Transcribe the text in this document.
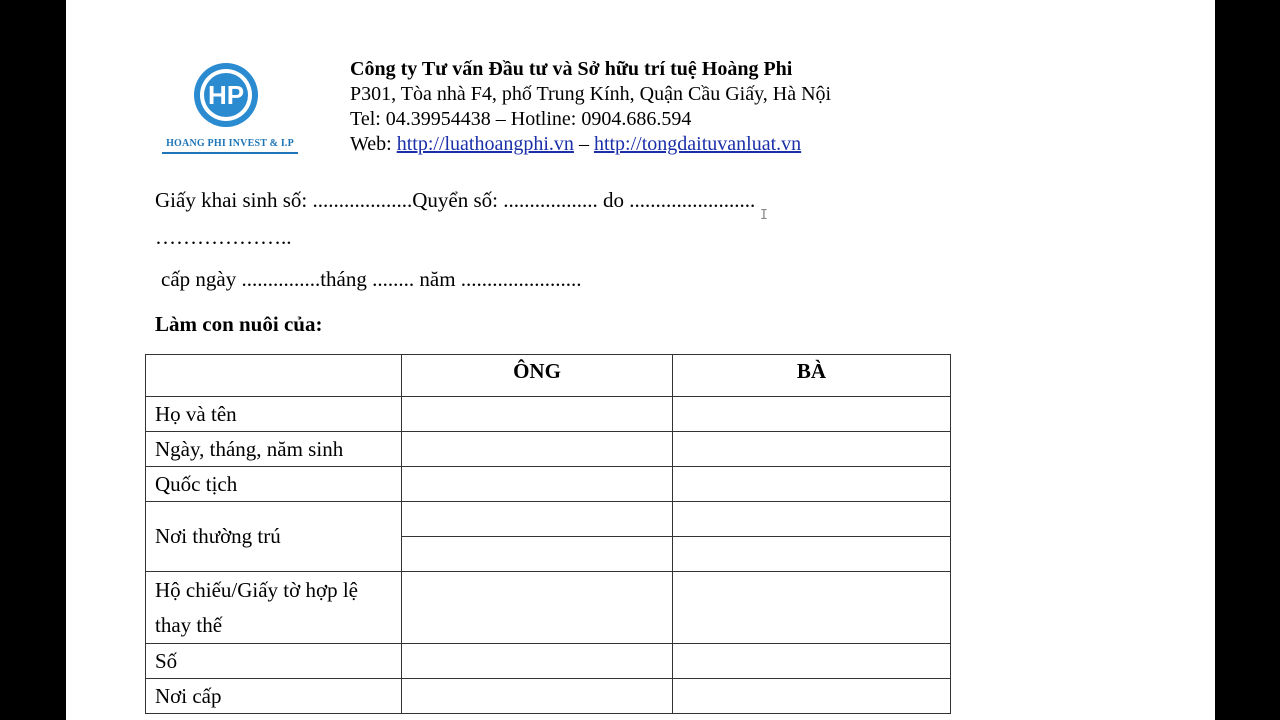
HP
HOANG PHI INVEST & I.P
Công ty Tư vấn Đầu tư và Sở hữu trí tuệ Hoàng Phi
P301, Tòa nhà F4, phố Trung Kính, Quận Cầu Giấy, Hà Nội
Tel: 04.39954438 – Hotline: 0904.686.594
Web: http://luathoangphi.vn – http://tongdaituvanluat.vn
Giấy khai sinh số: ...................Quyển số: .................. do ........................
I
………………..
cấp ngày ...............tháng ........ năm .......................
Làm con nuôi của:
	ÔNG	BÀ
Họ và tên		
Ngày, tháng, năm sinh		
Quốc tịch		
Nơi thường trú		

Hộ chiếu/Giấy tờ hợp lệ
thay thế		
Số		
Nơi cấp		
